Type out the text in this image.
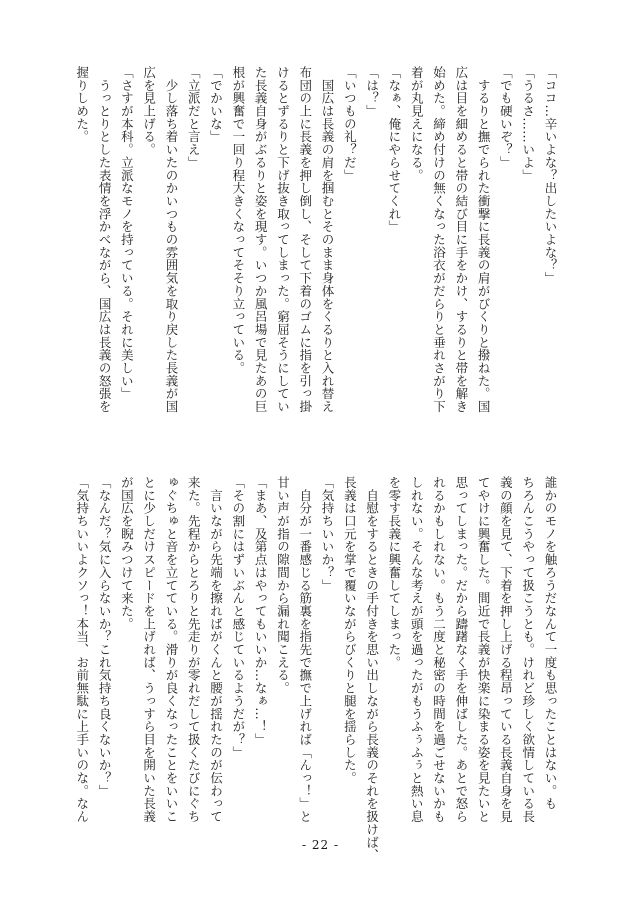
「ココ…辛いよな？出したいよな？」

「うるさ……いよ」

「でも硬いぞ？」

　するりと撫でられた衝撃に長義の肩がびくりと撥ねた。国

広は目を細めると帯の結び目に手をかけ、するりと帯を解き

始めた。締め付けの無くなった浴衣がだらりと垂れさがり下

着が丸見えになる。

「なぁ、俺にやらせてくれ」

「は？」

「いつもの礼？だ」

　国広は長義の肩を掴むとそのまま身体をくるりと入れ替え

布団の上に長義を押し倒し、そして下着のゴムに指を引っ掛

けるとずるりと下げ抜き取ってしまった。窮屈そうにしてい

た長義自身がぶるりと姿を現す。いつか風呂場で見たあの巨

根が興奮で一回り程大きくなってそそり立っている。

「でかいな」

「立派だと言え」

　少し落ち着いたのかいつもの雰囲気を取り戻した長義が国

広を見上げる。

「さすが本科。立派なモノを持っている。それに美しい」

　うっとりとした表情を浮かべながら、国広は長義の怒張を

握りしめた。

誰かのモノを触ろうだなんて一度も思ったことはない。も

ちろんこうやって扱こうとも。けれど珍しく欲情している長

義の顔を見て、下着を押し上げる程昂っている長義自身を見

てやけに興奮した。間近で長義が快楽に染まる姿を見たいと

思ってしまった。だから躊躇なく手を伸ばした。あとで怒ら

れるかもしれない。もう二度と秘密の時間を過ごせないかも

しれない。そんな考えが頭を過ったがもうふぅふぅと熱い息

を零す長義に興奮してしまった。

　自慰をするときの手付きを思い出しながら長義のそれを扱けば、

長義は口元を掌で覆いながらびくりと腿を揺らした。

「気持ちいいか？」

　自分が一番感じる筋裏を指先で撫で上げれば「んっ！」と

甘い声が指の隙間から漏れ聞こえる。

「まあ、及第点はやってもいいか…なぁ…！」

「その割にはずいぶんと感じているようだが？」

　言いながら先端を擦ればがくんと腰が揺れたのが伝わって

来た。先程からとろりと先走りが零れだして扱くたびにぐち

ゅぐちゅと音を立てている。滑りが良くなったことをいいこ

とに少しだけスピードを上げれば、うっすら目を開いた長義

が国広を睨みつけて来た。

「なんだ？気に入らないか？これ気持ち良くないか？」

「気持ちいいよクソっ！本当、お前無駄に上手いのな。なん

- 22 -
